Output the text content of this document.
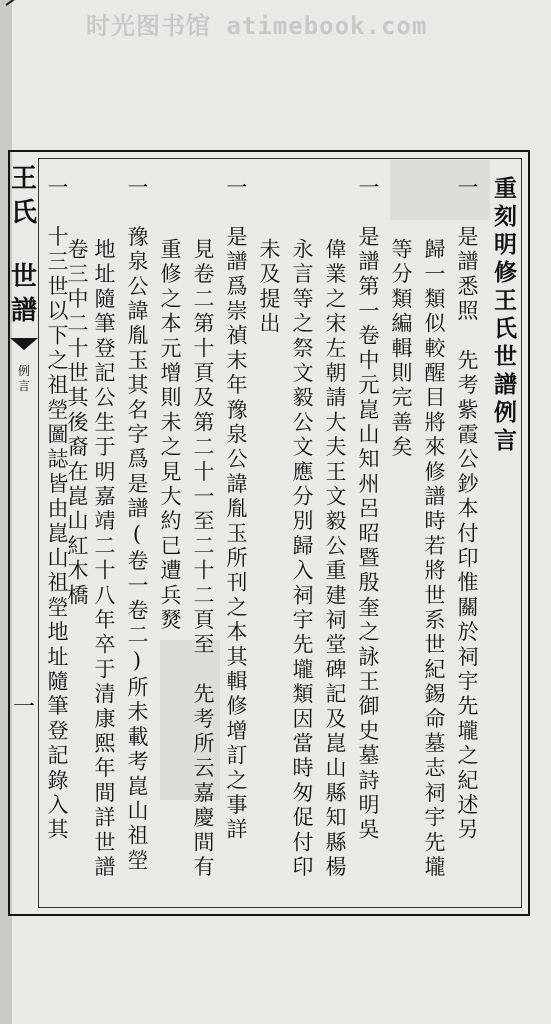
时光图书馆 atimebook.com
王
氏
世
譜
例言
一
重刻明修王氏世譜例言
一　是譜悉照　先考紫霞公鈔本付印惟關於祠宇先壠之紀述另
歸一類似較醒目將來修譜時若將世系世紀錫命墓志祠宇先壠
等分類編輯則完善矣
一　是譜第一卷中元崑山知州呂昭暨殷奎之詠王御史墓詩明吳
偉業之宋左朝請大夫王文毅公重建祠堂碑記及崑山縣知縣楊
永言等之祭文毅公文應分別歸入祠宇先壠類因當時匆促付印
未及提出
一　是譜爲崇禎末年豫泉公諱胤玉所刊之本其輯修增訂之事詳
見卷二第十頁及第二十一至二十二頁至　先考所云嘉慶間有
重修之本元增則未之見大約已遭兵燹
一　豫泉公諱胤玉其名字爲是譜(卷一卷二)所未載考崑山祖塋
地址隨筆登記公生于明嘉靖二十八年卒于清康熙年間詳世譜
卷三中二十世其後裔在崑山紅木橋
一　十三世以下之祖塋圖誌皆由崑山祖塋地址隨筆登記錄入其
